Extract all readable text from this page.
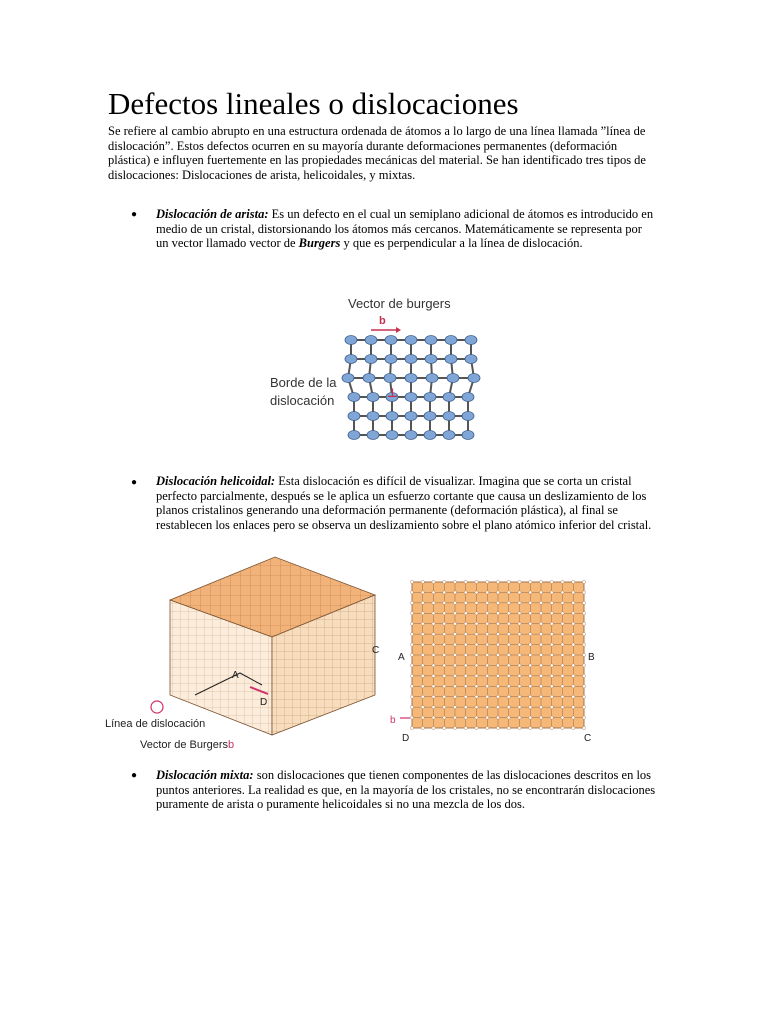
Defectos lineales o dislocaciones

Se refiere al cambio abrupto en una estructura ordenada de átomos a lo largo de una línea llamada ”línea de dislocación”. Estos defectos ocurren en su mayoría durante deformaciones permanentes (deformación plástica) e influyen fuertemente en las propiedades mecánicas del material. Se han identificado tres tipos de dislocaciones: Dislocaciones de arista, helicoidales, y mixtas.

● Dislocación de arista: Es un defecto en el cual un semiplano adicional de átomos es introducido en medio de un cristal, distorsionando los átomos más cercanos. Matemáticamente se representa por un vector llamado vector de Burgers y que es perpendicular a la línea de dislocación.

Vector de burgers
b
Borde de la
dislocación	⊥
● Dislocación helicoidal: Esta dislocación es difícil de visualizar. Imagina que se corta un cristal perfecto parcialmente, después se le aplica un esfuerzo cortante que causa un deslizamiento de los planos cristalinos generando una deformación permanente (deformación plástica), al final se restablecen los enlaces pero se observa un deslizamiento sobre el plano atómico inferior del cristal.

A
C
D
Línea de dislocación
Vector de Burgers b
A	B
b
D	C
● Dislocación mixta: son dislocaciones que tienen componentes de las dislocaciones descritos en los puntos anteriores. La realidad es que, en la mayoría de los cristales, no se encontrarán dislocaciones puramente de arista o puramente helicoidales si no una mezcla de los dos.
